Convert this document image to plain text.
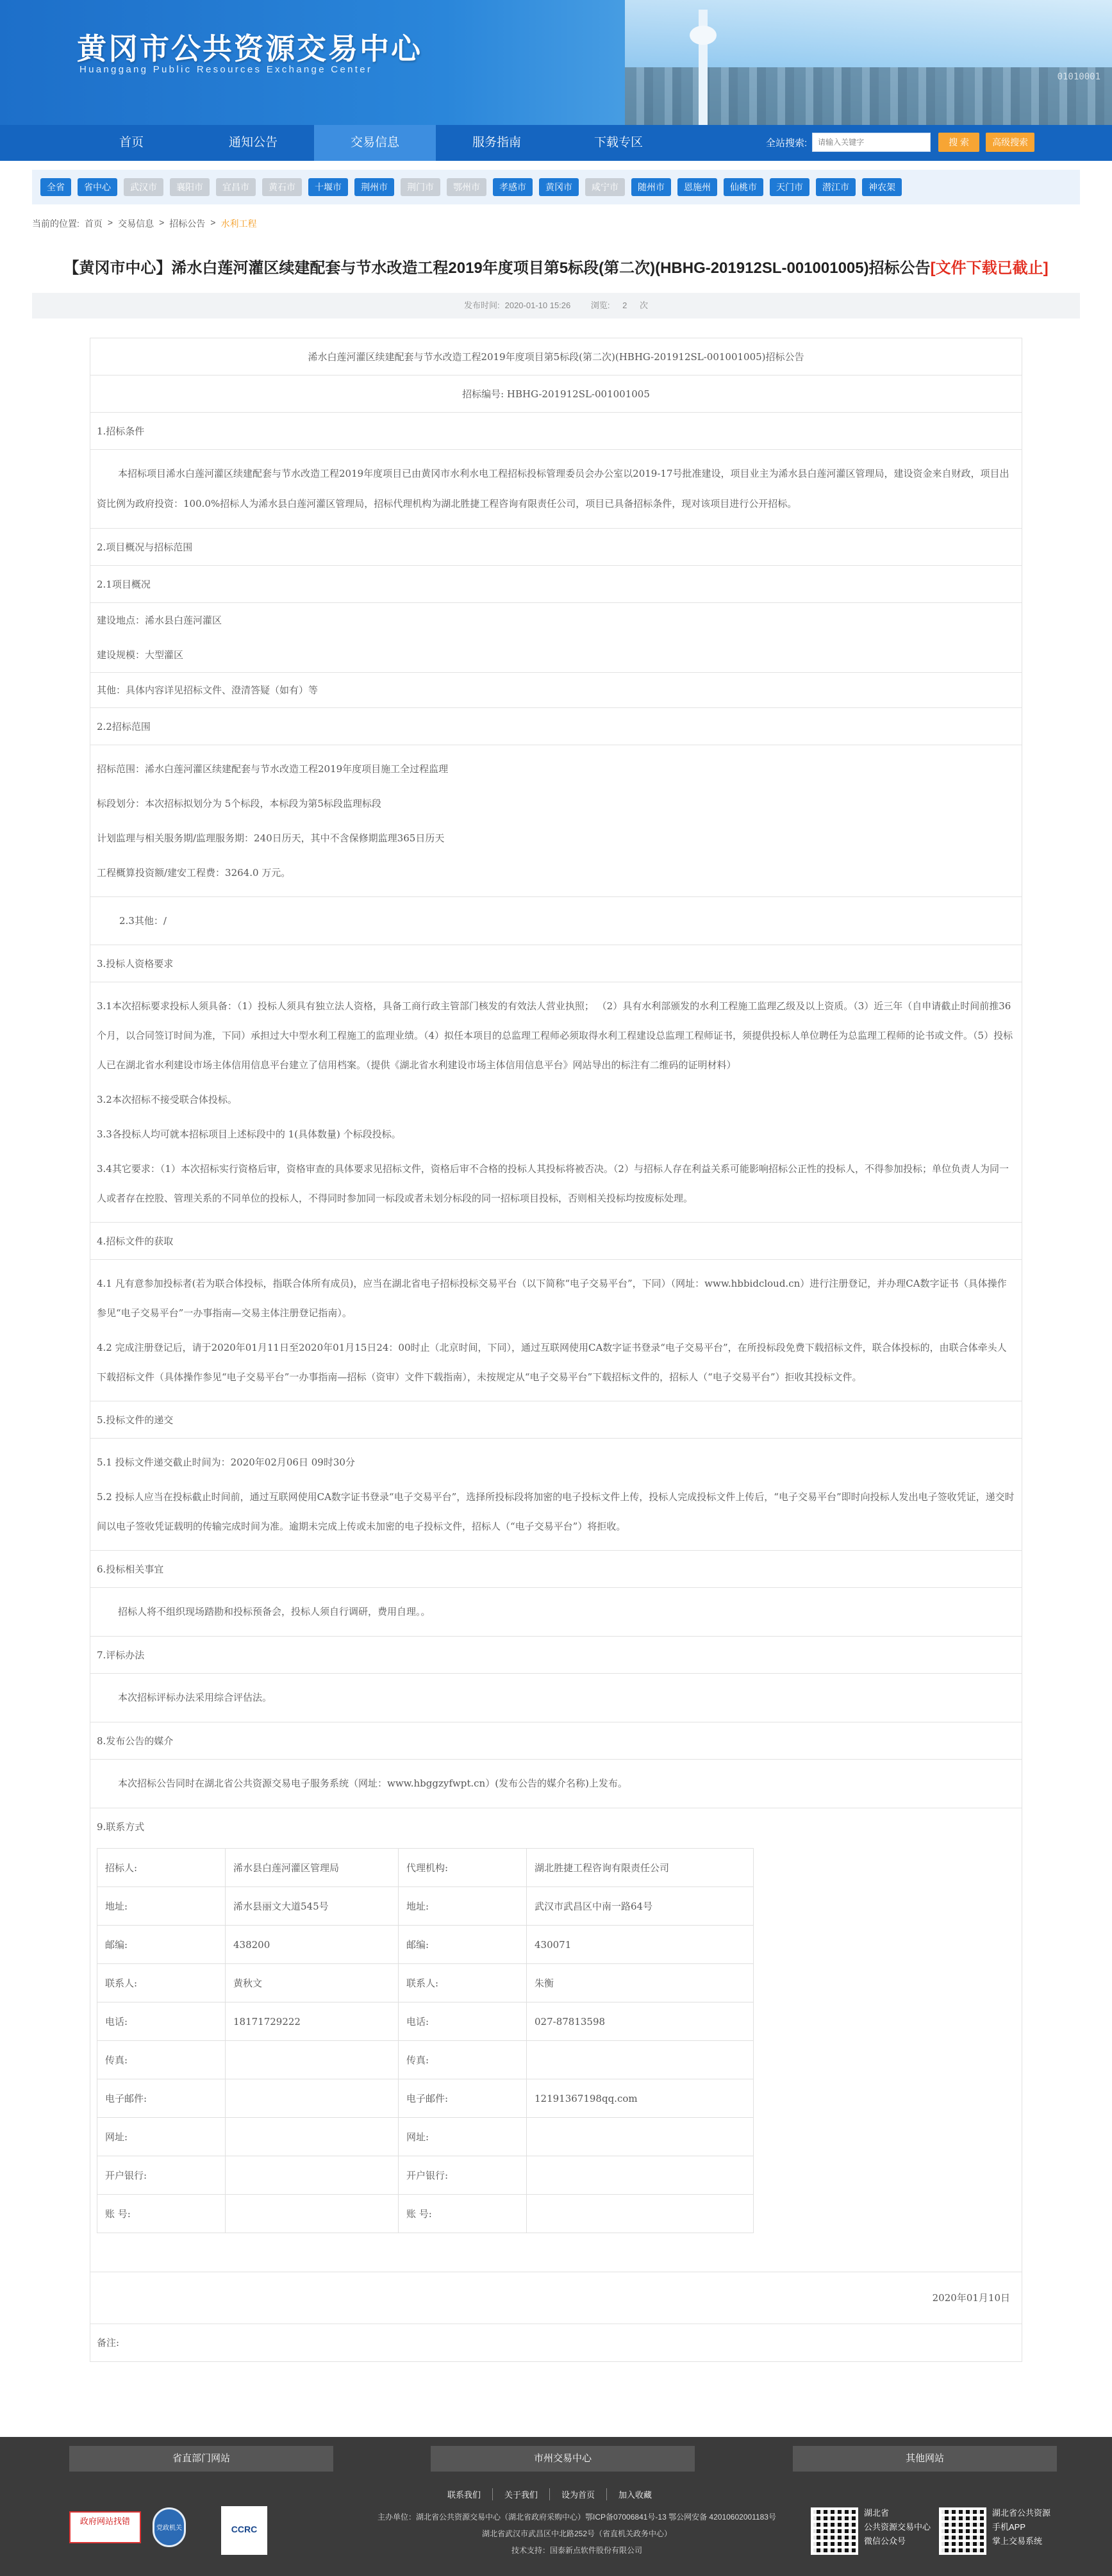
黄冈市公共资源交易中心
Huanggang Public Resources Exchange Center
01010001
首页	通知公告	交易信息	服务指南	下载专区	全站搜索:
请输入关键字	搜 索	高级搜索
全省	省中心	武汉市	襄阳市	宜昌市	黄石市	十堰市	荆州市	荆门市	鄂州市	孝感市	黄冈市	咸宁市	随州市	恩施州	仙桃市	天门市	潜江市	神农架
当前的位置: 首页 > 交易信息 > 招标公告 > 水利工程
【黄冈市中心】浠水白莲河灌区续建配套与节水改造工程2019年度项目第5标段(第二次)(HBHG-201912SL-001001005)招标公告[文件下载已截止]
发布时间: 2020-01-10 15:26 浏览: 2 次
浠水白莲河灌区续建配套与节水改造工程2019年度项目第5标段(第二次)(HBHG-201912SL-001001005)招标公告
招标编号: HBHG-201912SL-001001005
1.招标条件
本招标项目浠水白莲河灌区续建配套与节水改造工程2019年度项目已由黄冈市水利水电工程招标投标管理委员会办公室以2019-17号批准建设，项目业主为浠水县白莲河灌区管理局，建设资金来自财政，项目出资比例为政府投资：100.0%招标人为浠水县白莲河灌区管理局，招标代理机构为湖北胜捷工程咨询有限责任公司，项目已具备招标条件，现对该项目进行公开招标。
2.项目概况与招标范围
2.1项目概况
建设地点：浠水县白莲河灌区
建设规模：大型灌区
其他：具体内容详见招标文件、澄清答疑（如有）等
2.2招标范围
招标范围：浠水白莲河灌区续建配套与节水改造工程2019年度项目施工全过程监理
标段划分：本次招标拟划分为 5个标段，本标段为第5标段监理标段
计划监理与相关服务期/监理服务期：240日历天，其中不含保修期监理365日历天
工程概算投资额/建安工程费：3264.0 万元。
2.3其他：/
3.投标人资格要求
3.1本次招标要求投标人须具备：（1）投标人须具有独立法人资格，具备工商行政主管部门核发的有效法人营业执照； （2）具有水利部颁发的水利工程施工监理乙级及以上资质。（3）近三年（自申请截止时间前推36个月，以合同签订时间为准，下同）承担过大中型水利工程施工的监理业绩。（4）拟任本项目的总监理工程师必须取得水利工程建设总监理工程师证书，须提供投标人单位聘任为总监理工程师的论书或文件。（5）投标人已在湖北省水利建设市场主体信用信息平台建立了信用档案。（提供《湖北省水利建设市场主体信用信息平台》网站导出的标注有二维码的证明材料）
3.2本次招标不接受联合体投标。
3.3各投标人均可就本招标项目上述标段中的 1(具体数量) 个标段投标。
3.4其它要求：（1）本次招标实行资格后审，资格审查的具体要求见招标文件，资格后审不合格的投标人其投标将被否决。（2）与招标人存在利益关系可能影响招标公正性的投标人，不得参加投标；单位负责人为同一人或者存在控股、管理关系的不同单位的投标人，不得同时参加同一标段或者未划分标段的同一招标项目投标，否则相关投标均按废标处理。
4.招标文件的获取
4.1 凡有意参加投标者(若为联合体投标，指联合体所有成员)，应当在湖北省电子招标投标交易平台（以下简称“电子交易平台”，下同）（网址：www.hbbidcloud.cn）进行注册登记，并办理CA数字证书（具体操作参见“电子交易平台”一办事指南—交易主体注册登记指南）。
4.2 完成注册登记后，请于2020年01月11日至2020年01月15日24：00时止（北京时间，下同），通过互联网使用CA数字证书登录“电子交易平台”，在所投标段免费下载招标文件，联合体投标的，由联合体牵头人下载招标文件（具体操作参见“电子交易平台”一办事指南—招标（资审）文件下载指南），未按规定从“电子交易平台”下载招标文件的，招标人（“电子交易平台”）拒收其投标文件。
5.投标文件的递交
5.1 投标文件递交截止时间为：2020年02月06日 09时30分
5.2 投标人应当在投标截止时间前，通过互联网使用CA数字证书登录“电子交易平台”，选择所投标段将加密的电子投标文件上传，投标人完成投标文件上传后，“电子交易平台”即时向投标人发出电子签收凭证，递交时间以电子签收凭证载明的传输完成时间为准。逾期未完成上传或未加密的电子投标文件，招标人（“电子交易平台”）将拒收。
6.投标相关事宜
招标人将不组织现场踏勘和投标预备会，投标人须自行调研，费用自理。。
7.评标办法
本次招标评标办法采用综合评估法。
8.发布公告的媒介
本次招标公告同时在湖北省公共资源交易电子服务系统（网址：www.hbggzyfwpt.cn）(发布公告的媒介名称)上发布。
9.联系方式
招标人:	浠水县白莲河灌区管理局	代理机构:	湖北胜捷工程咨询有限责任公司
地址:	浠水县丽文大道545号	地址:	武汉市武昌区中南一路64号
邮编:	438200	邮编:	430071
联系人:	黄秋文	联系人:	朱衡
电话:	18171729222	电话:	027-87813598
传真:		传真:	
电子邮件:		电子邮件:	12191367198qq.com
网址:		网址:	
开户银行:		开户银行:	
账 号:		账 号:	
2020年01月10日
备注:
省直部门网站	市州交易中心	其他网站
联系我们	关于我们	设为首页	加入收藏
主办单位：湖北省公共资源交易中心（湖北省政府采购中心）鄂ICP备07006841号-13 鄂公网安备 42010602001183号
湖北省武汉市武昌区中北路252号（省直机关政务中心）
技术支持：国泰新点软件股份有限公司
政府网站找错
党政机关	CCRC
湖北省
公共资源交易中心
微信公众号
湖北省公共资源
手机APP
掌上交易系统
